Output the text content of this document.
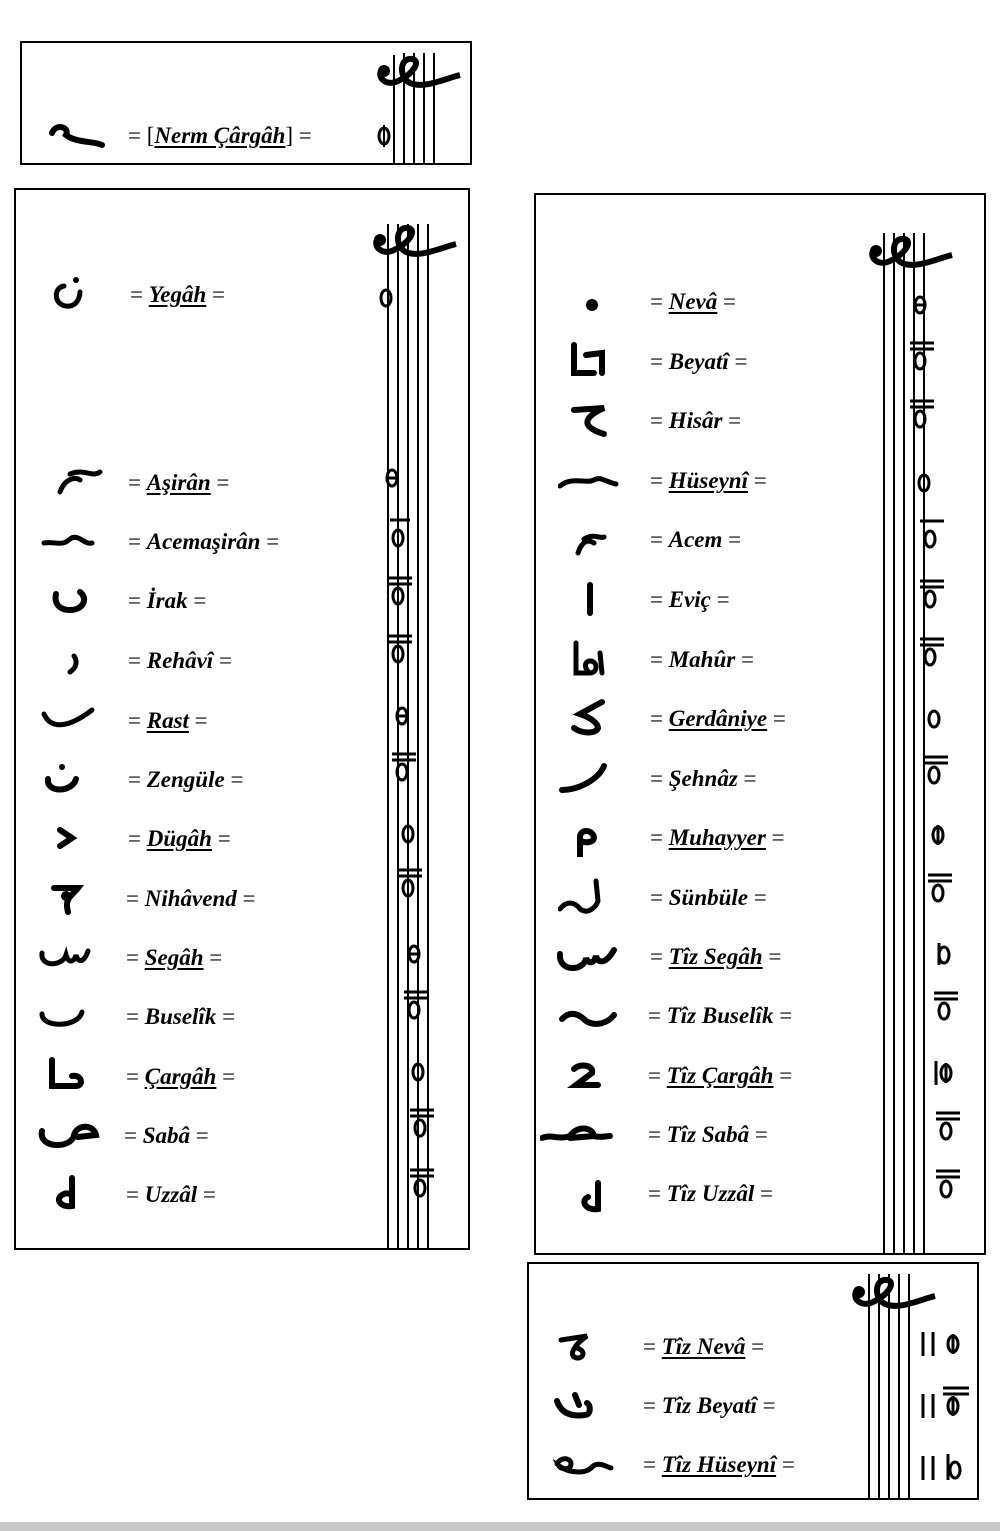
= [Nerm Çârgâh] =
= Yegâh =
= Aşirân =
= Acemaşirân =
= İrak =
= Rehâvî =
= Rast =
= Zengüle =
= Dügâh =
= Nihâvend =
= Segâh =
= Buselîk =
= Çargâh =
= Sabâ =
= Uzzâl =
= Nevâ =
= Beyatî =
= Hisâr =
= Hüseynî =
= Acem =
= Eviç =
= Mahûr =
= Gerdâniye =
= Şehnâz =
= Muhayyer =
= Sünbüle =
= Tîz Segâh =
= Tîz Buselîk =
= Tîz Çargâh =
= Tîz Sabâ =
= Tîz Uzzâl =
= Tîz Nevâ =
= Tîz Beyatî =
= Tîz Hüseynî =
